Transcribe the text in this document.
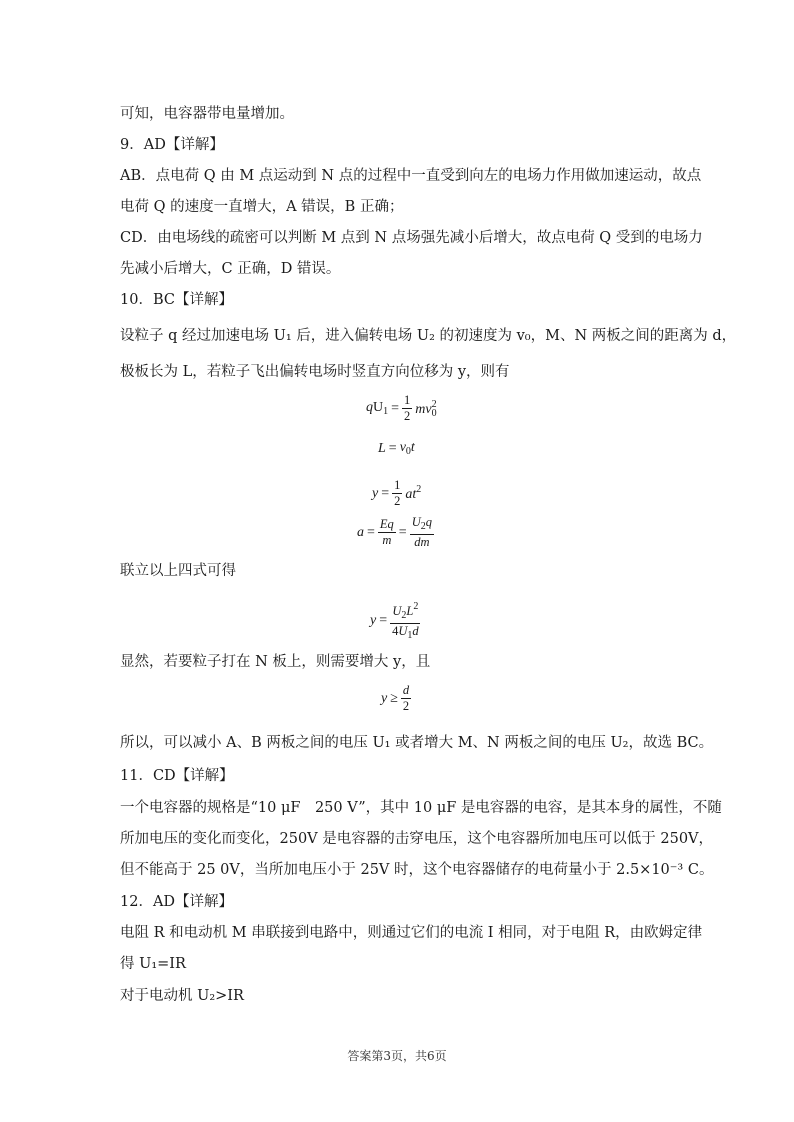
可知，电容器带电量增加。
9．AD【详解】
AB．点电荷 Q 由 M 点运动到 N 点的过程中一直受到向左的电场力作用做加速运动，故点
电荷 Q 的速度一直增大，A 错误，B 正确；
CD．由电场线的疏密可以判断 M 点到 N 点场强先减小后增大，故点电荷 Q 受到的电场力
先减小后增大，C 正确，D 错误。
10．BC【详解】
设粒子 q 经过加速电场 U₁ 后，进入偏转电场 U₂ 的初速度为 v₀，M、N 两板之间的距离为 d，
极板长为 L，若粒子飞出偏转电场时竖直方向位移为 y，则有
$qU_1 = \frac{1}{2} mv_0^2$
$L = v_0t$
$y = \frac{1}{2} at^2$
$a = \frac{Eq}{m} = \frac{U_2q}{dm}$
联立以上四式可得
$y = \frac{U_2L^2}{4U_1d}$
显然，若要粒子打在 N 板上，则需要增大 y，且
$y \ge \frac{d}{2}$
所以，可以减小 A、B 两板之间的电压 U₁ 或者增大 M、N 两板之间的电压 U₂，故选 BC。
11．CD【详解】
一个电容器的规格是“10 μF　250 V”，其中 10 μF 是电容器的电容，是其本身的属性，不随
所加电压的变化而变化，250V 是电容器的击穿电压，这个电容器所加电压可以低于 250V，
但不能高于 25 0V，当所加电压小于 25V 时，这个电容器储存的电荷量小于 2.5×10⁻³ C。
12．AD【详解】
电阻 R 和电动机 M 串联接到电路中，则通过它们的电流 I 相同，对于电阻 R，由欧姆定律
得 U₁=IR
对于电动机 U₂>IR
答案第3页，共6页
